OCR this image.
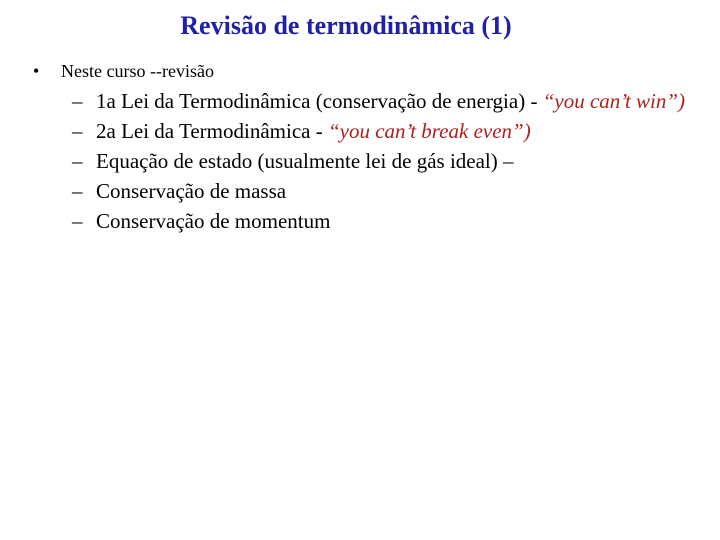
Revisão de termodinâmica (1)
• Neste curso --revisão
– 1a Lei da Termodinâmica (conservação de energia) - “you can’t win”)
– 2a Lei da Termodinâmica - “you can’t break even”)
– Equação de estado (usualmente lei de gás ideal) –
– Conservação de massa
– Conservação de momentum
